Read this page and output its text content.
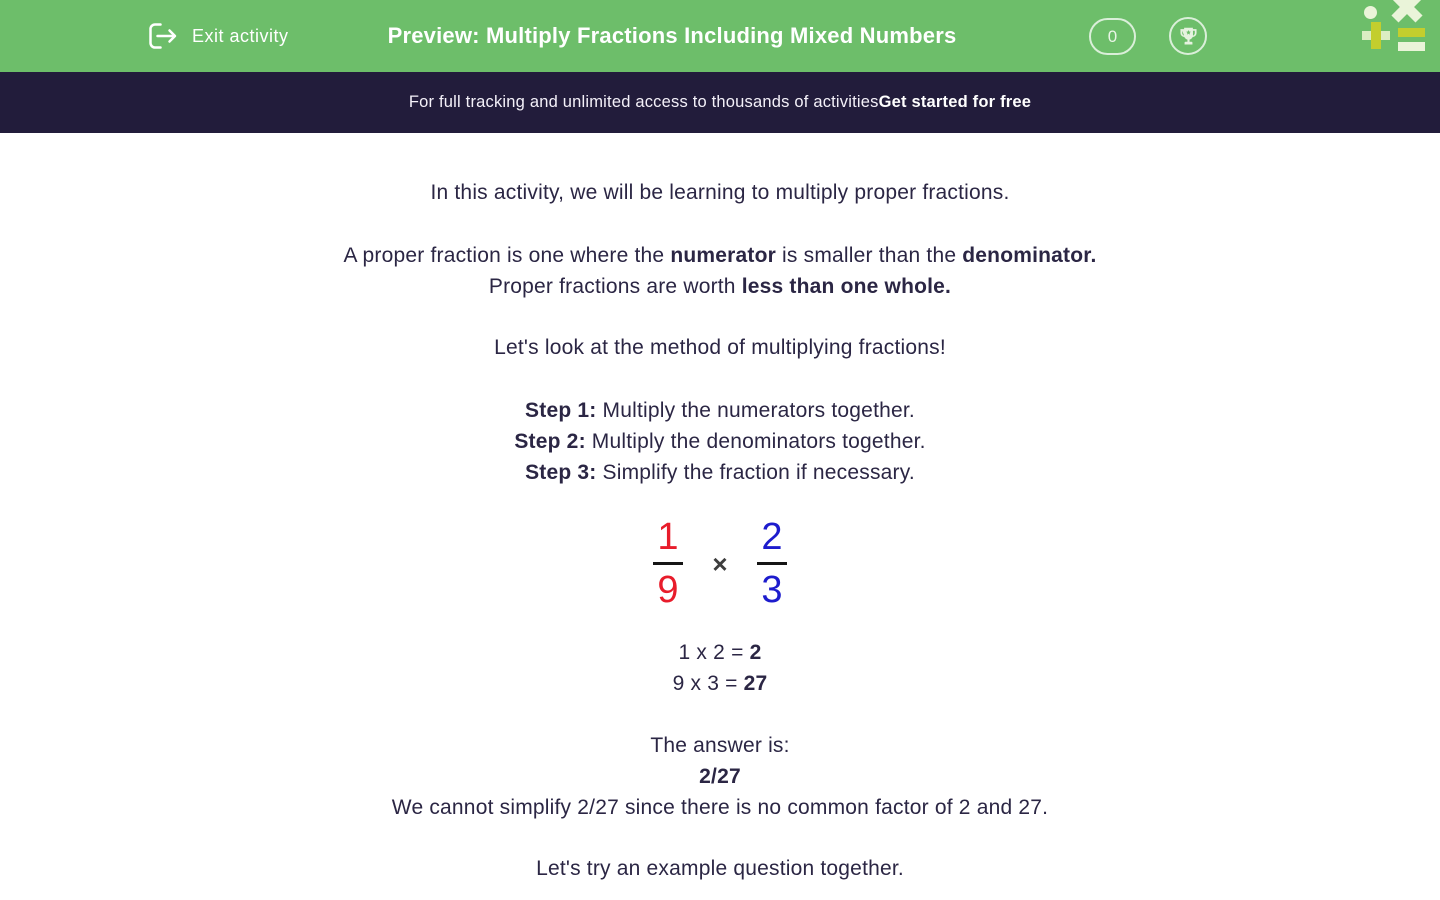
Exit activity	Preview: Multiply Fractions Including Mixed Numbers	0
For full tracking and unlimited access to thousands of activities Get started for free
In this activity, we will be learning to multiply proper fractions.
A proper fraction is one where the numerator is smaller than the denominator.
Proper fractions are worth less than one whole.
Let's look at the method of multiplying fractions!
Step 1: Multiply the numerators together.
Step 2: Multiply the denominators together.
Step 3: Simplify the fraction if necessary.
$\frac{1}{9} \times \frac{2}{3}$
1 x 2 = 2
9 x 3 = 27
The answer is:
2/27
We cannot simplify 2/27 since there is no common factor of 2 and 27.
Let's try an example question together.
